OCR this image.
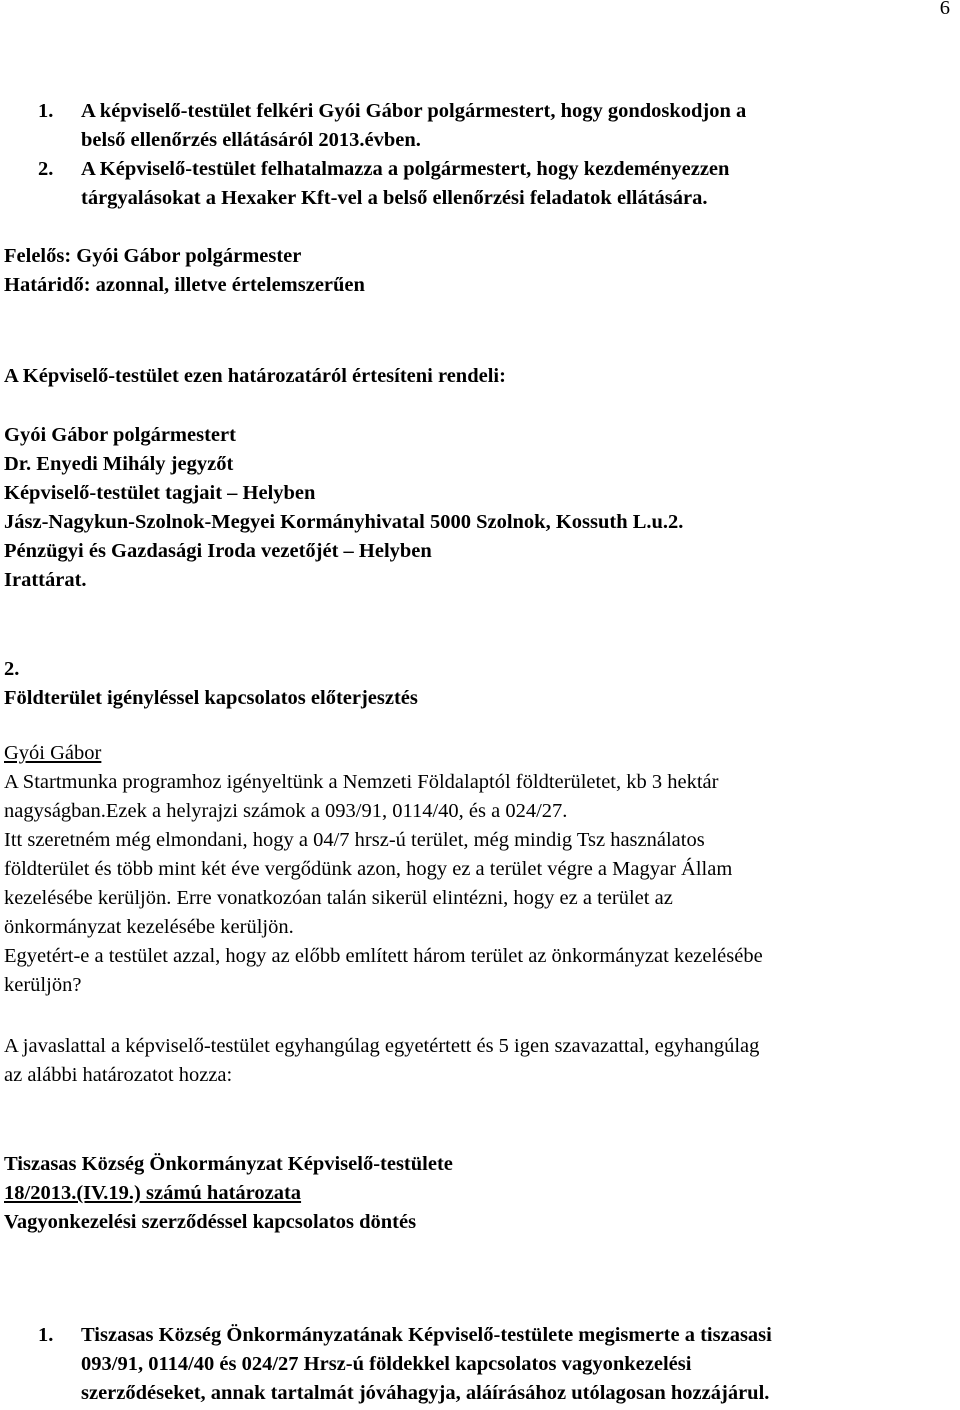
6
1. A képviselő-testület felkéri Gyói Gábor polgármestert, hogy gondoskodjon a
belső ellenőrzés ellátásáról 2013.évben.
2. A Képviselő-testület felhatalmazza a polgármestert, hogy kezdeményezzen
tárgyalásokat a Hexaker Kft-vel a belső ellenőrzési feladatok ellátására.
Felelős: Gyói Gábor polgármester
Határidő: azonnal, illetve értelemszerűen
A Képviselő-testület ezen határozatáról értesíteni rendeli:
Gyói Gábor polgármestert
Dr. Enyedi Mihály jegyzőt
Képviselő-testület tagjait – Helyben
Jász-Nagykun-Szolnok-Megyei Kormányhivatal 5000 Szolnok, Kossuth L.u.2.
Pénzügyi és Gazdasági Iroda vezetőjét – Helyben
Irattárat.
2.
Földterület igényléssel kapcsolatos előterjesztés
Gyói Gábor
A Startmunka programhoz igényeltünk a Nemzeti Földalaptól földterületet, kb 3 hektár
nagyságban.Ezek a helyrajzi számok a 093/91, 0114/40, és a 024/27.
Itt szeretném még elmondani, hogy a 04/7 hrsz-ú terület, még mindig Tsz használatos
földterület és több mint két éve vergődünk azon, hogy ez a terület végre a Magyar Állam
kezelésébe kerüljön. Erre vonatkozóan talán sikerül elintézni, hogy ez a terület az
önkormányzat kezelésébe kerüljön.
Egyetért-e a testület azzal, hogy az előbb említett három terület az önkormányzat kezelésébe
kerüljön?
A javaslattal a képviselő-testület egyhangúlag egyetértett és 5 igen szavazattal, egyhangúlag
az alábbi határozatot hozza:
Tiszasas Község Önkormányzat Képviselő-testülete
18/2013.(IV.19.) számú határozata
Vagyonkezelési szerződéssel kapcsolatos döntés
1. Tiszasas Község Önkormányzatának Képviselő-testülete megismerte a tiszasasi
093/91, 0114/40 és 024/27 Hrsz-ú földekkel kapcsolatos vagyonkezelési
szerződéseket, annak tartalmát jóváhagyja, aláírásához utólagosan hozzájárul.
